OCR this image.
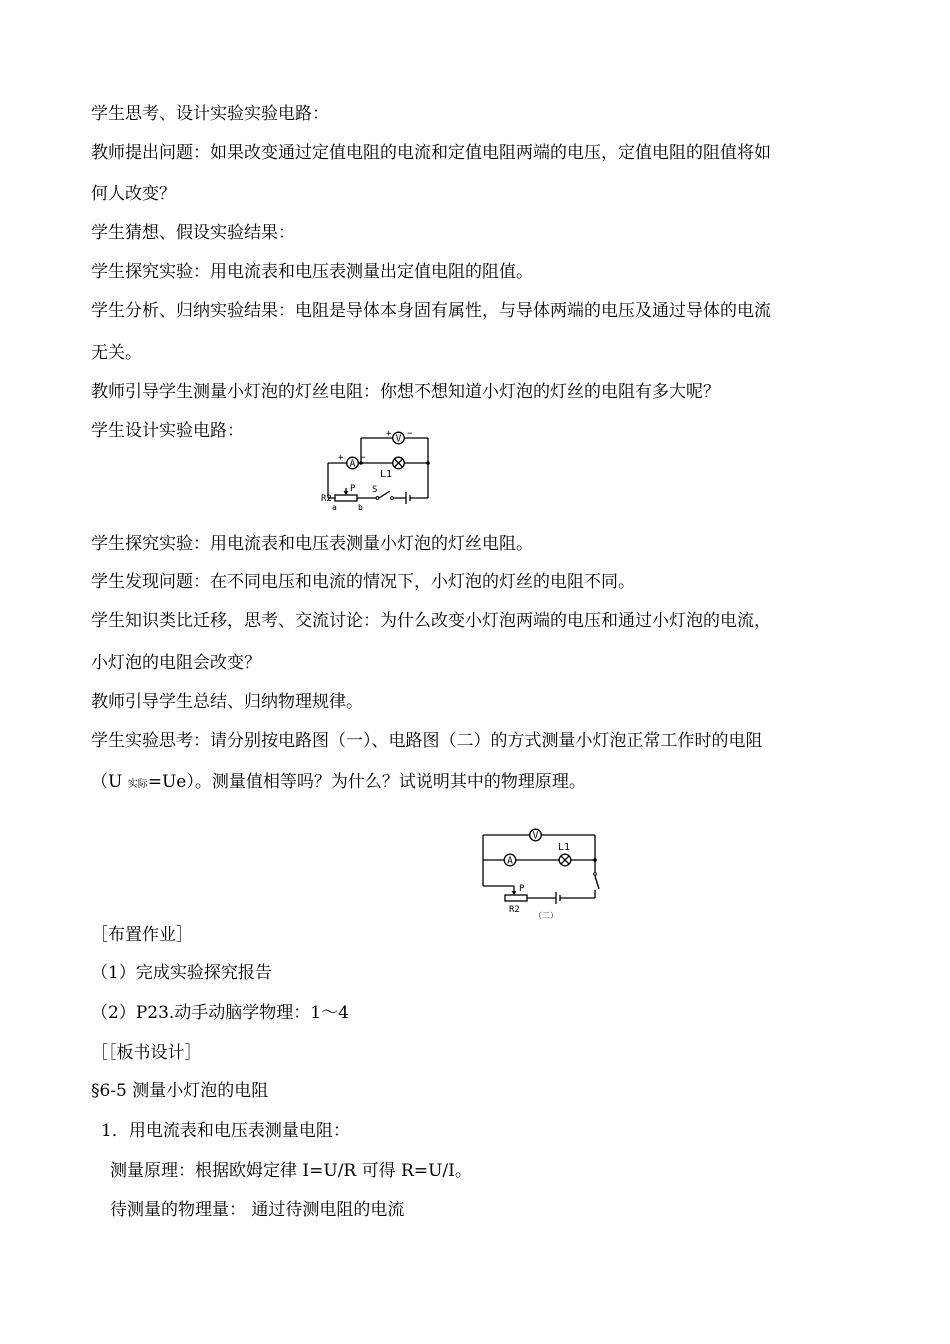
学生思考、设计实验实验电路：
教师提出问题：如果改变通过定值电阻的电流和定值电阻两端的电压，定值电阻的阻值将如
何人改变？
学生猜想、假设实验结果：
学生探究实验：用电流表和电压表测量出定值电阻的阻值。
学生分析、归纳实验结果：电阻是导体本身固有属性，与导体两端的电压及通过导体的电流
无关。
教师引导学生测量小灯泡的灯丝电阻：你想不想知道小灯泡的灯丝的电阻有多大呢？
学生设计实验电路：	V
A
L1
+ −
+ −
R2
P S
a	b
学生探究实验：用电流表和电压表测量小灯泡的灯丝电阻。
学生发现问题：在不同电压和电流的情况下，小灯泡的灯丝的电阻不同。
学生知识类比迁移，思考、交流讨论：为什么改变小灯泡两端的电压和通过小灯泡的电流，
小灯泡的电阻会改变？
教师引导学生总结、归纳物理规律。
学生实验思考：请分别按电路图（一）、电路图（二）的方式测量小灯泡正常工作时的电阻
（U 实际=Ue）。测量值相等吗？为什么？试说明其中的物理原理。
V
A
L1
P
R2
（二）
［布置作业］
（1）完成实验探究报告
（2）P23.动手动脑学物理：1～4
［［板书设计］
§6-5 测量小灯泡的电阻
1．用电流表和电压表测量电阻：
测量原理：根据欧姆定律 I=U/R 可得 R=U/I。
待测量的物理量： 通过待测电阻的电流
